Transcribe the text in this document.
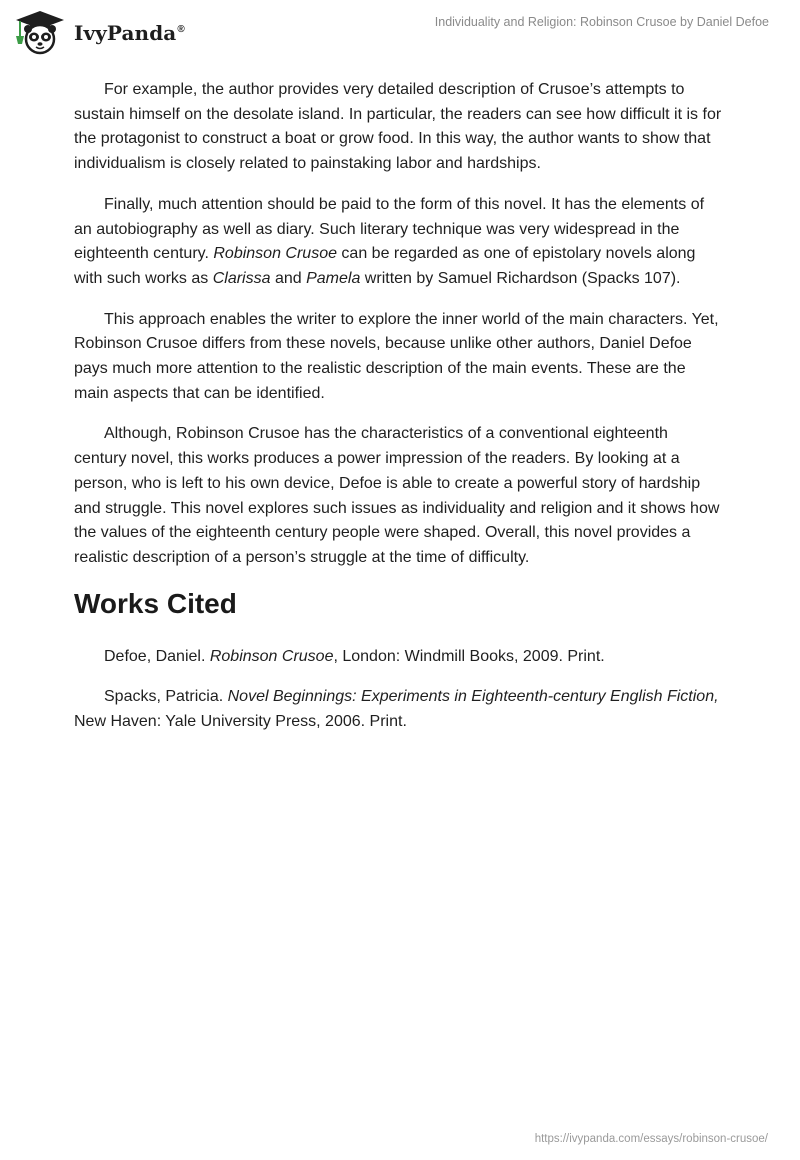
IvyPanda®
Individuality and Religion: Robinson Crusoe by Daniel Defoe

For example, the author provides very detailed description of Crusoe’s attempts to sustain himself on the desolate island. In particular, the readers can see how difficult it is for the protagonist to construct a boat or grow food. In this way, the author wants to show that individualism is closely related to painstaking labor and hardships.

Finally, much attention should be paid to the form of this novel. It has the elements of an autobiography as well as diary. Such literary technique was very widespread in the eighteenth century. Robinson Crusoe can be regarded as one of epistolary novels along with such works as Clarissa and Pamela written by Samuel Richardson (Spacks 107).

This approach enables the writer to explore the inner world of the main characters. Yet, Robinson Crusoe differs from these novels, because unlike other authors, Daniel Defoe pays much more attention to the realistic description of the main events. These are the main aspects that can be identified.

Although, Robinson Crusoe has the characteristics of a conventional eighteenth century novel, this works produces a power impression of the readers. By looking at a person, who is left to his own device, Defoe is able to create a powerful story of hardship and struggle. This novel explores such issues as individuality and religion and it shows how the values of the eighteenth century people were shaped. Overall, this novel provides a realistic description of a person’s struggle at the time of difficulty.

Works Cited

Defoe, Daniel. Robinson Crusoe, London: Windmill Books, 2009. Print.

Spacks, Patricia. Novel Beginnings: Experiments in Eighteenth-century English Fiction, New Haven: Yale University Press, 2006. Print.

https://ivypanda.com/essays/robinson-crusoe/
